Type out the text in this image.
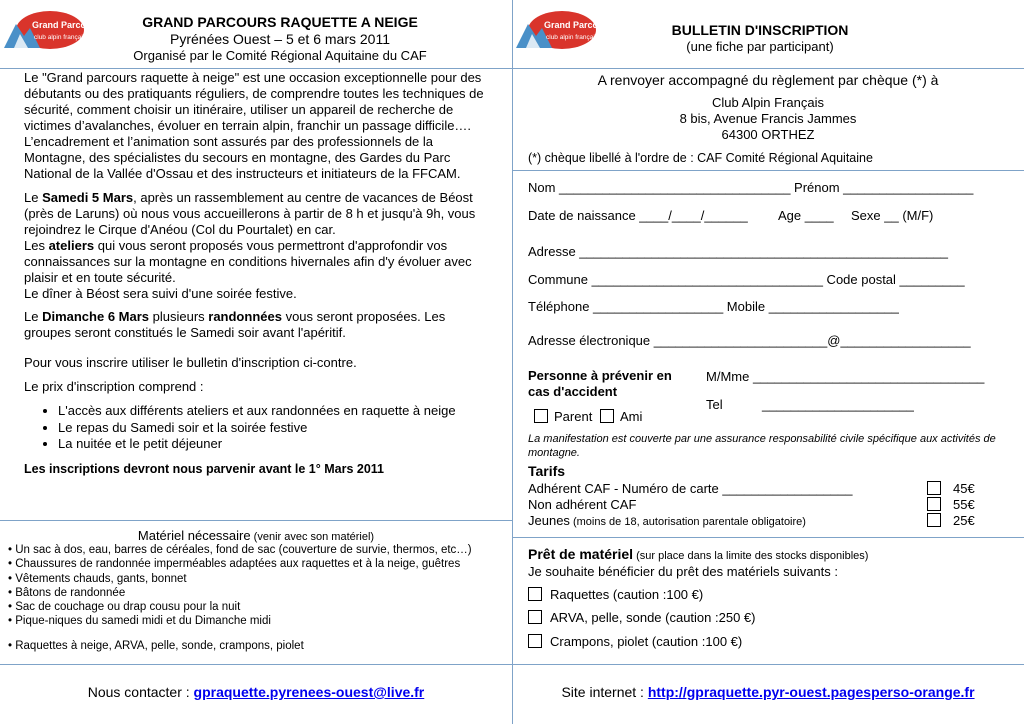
Grand Parcours
club alpin français
GRAND PARCOURS RAQUETTE A NEIGE
Pyrénées Ouest – 5 et 6 mars 2011
Organisé par le Comité Régional Aquitaine du CAF

Le "Grand parcours raquette à neige" est une occasion exceptionnelle pour des débutants ou des pratiquants réguliers, de comprendre toutes les techniques de sécurité, comment choisir un itinéraire, utiliser un appareil de recherche de victimes d’avalanches, évoluer en terrain alpin, franchir un passage difficile….

L’encadrement et l’animation sont assurés par des professionnels de la Montagne, des spécialistes du secours en montagne, des Gardes du Parc National de la Vallée d'Ossau et des instructeurs et initiateurs de la FFCAM.

Le Samedi 5 Mars, après un rassemblement au centre de vacances de Béost (près de Laruns) où nous vous accueillerons à partir de 8 h et jusqu'à 9h, vous rejoindrez le Cirque d'Anéou (Col du Pourtalet) en car.

Les ateliers qui vous seront proposés vous permettront d'approfondir vos connaissances sur la montagne en conditions hivernales afin d'y évoluer avec plaisir et en toute sécurité.

Le dîner à Béost sera suivi d'une soirée festive.

Le Dimanche 6 Mars plusieurs randonnées vous seront proposées. Les groupes seront constitués le Samedi soir avant l'apéritif.

Pour vous inscrire utiliser le bulletin d'inscription ci-contre.

Le prix d'inscription comprend :

• L'accès aux différents ateliers et aux randonnées en raquette à neige
• Le repas du Samedi soir et la soirée festive
• La nuitée et le petit déjeuner

Les inscriptions devront nous parvenir avant le 1° Mars 2011

Matériel nécessaire (venir avec son matériel)
• Un sac à dos, eau, barres de céréales, fond de sac (couverture de survie, thermos, etc…)
• Chaussures de randonnée imperméables adaptées aux raquettes et à la neige, guêtres
• Vêtements chauds, gants, bonnet
• Bâtons de randonnée
• Sac de couchage ou drap cousu pour la nuit
• Pique-niques du samedi midi et du Dimanche midi
• Raquettes à neige, ARVA, pelle, sonde, crampons, piolet
Nous contacter : gpraquette.pyrenees-ouest@live.fr
Grand Parcours
club alpin français	BULLETIN D'INSCRIPTION
(une fiche par participant)
A renvoyer accompagné du règlement par chèque (*) à
Club Alpin Français
8 bis, Avenue Francis Jammes
64300 ORTHEZ
(*) chèque libellé à l'ordre de : CAF Comité Régional Aquitaine
Nom ________________________________ Prénom __________________
Date de naissance ____/____/______ Age ____ Sexe __ (M/F)
Adresse ___________________________________________________
Commune ________________________________ Code postal _________
Téléphone __________________ Mobile __________________
Adresse électronique ________________________@__________________
Personne à prévenir en cas d'accident
M/Mme ________________________________
Tel	_____________________
Parent Ami
La manifestation est couverte par une assurance responsabilité civile spécifique aux activités de montagne.
Tarifs
Adhérent CAF - Numéro de carte __________________
Non adhérent CAF
Jeunes (moins de 18, autorisation parentale obligatoire)
45€
55€
25€
Prêt de matériel (sur place dans la limite des stocks disponibles)
Je souhaite bénéficier du prêt des matériels suivants :
Raquettes (caution :100 €)
ARVA, pelle, sonde (caution :250 €)
Crampons, piolet (caution :100 €)
Site internet : http://gpraquette.pyr-ouest.pagesperso-orange.fr
